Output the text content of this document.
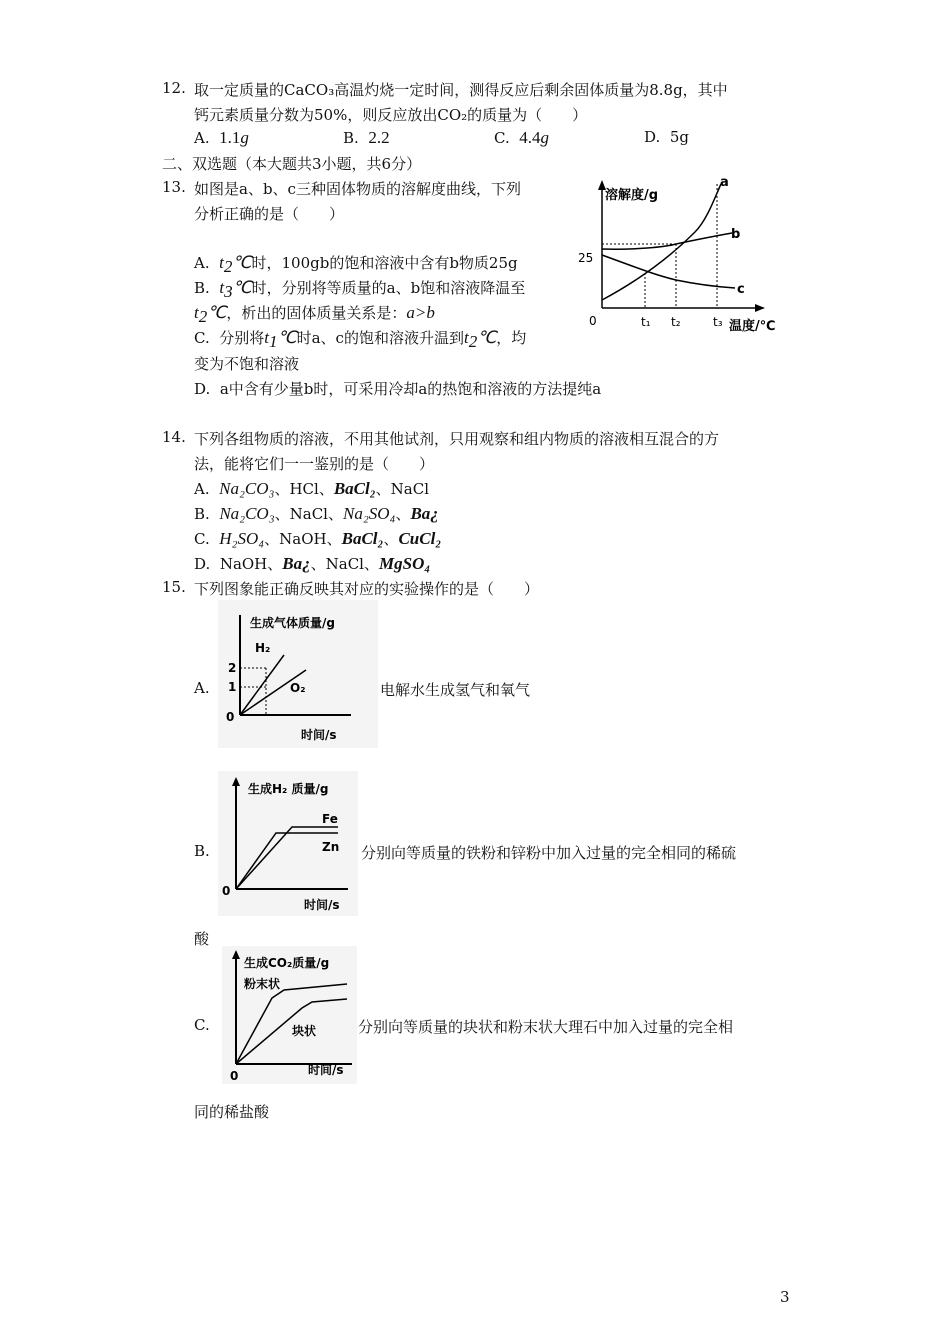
12. 取一定质量的CaCO₃高温灼烧一定时间，测得反应后剩余固体质量为8.8g，其中
钙元素质量分数为50%，则反应放出CO₂的质量为（　　）
A. 1.1g	B. 2.2	C. 4.4g	D. 5g
二、双选题（本大题共3小题，共6分）
13. 如图是a、b、c三种固体物质的溶解度曲线，下列
分析正确的是（　　）
A. $t_2℃$时，100gb的饱和溶液中含有b物质25g
B. $t_3℃$时，分别将等质量的a、b饱和溶液降温至
$t_2℃$，析出的固体质量关系是：a>b
C. 分别将$t_1℃$时a、c的饱和溶液升温到$t_2℃$，均
变为不饱和溶液
D. a中含有少量b时，可采用冷却a的热饱和溶液的方法提纯a
溶解度/g
25
0	t₁ t₂	t₃ 温度/℃
a
b
c
14. 下列各组物质的溶液，不用其他试剂，只用观察和组内物质的溶液相互混合的方
法，能将它们一一鉴别的是（　　）
A. Na₂CO₃、HCl、BaCl₂、NaCl
B. Na₂CO₃、NaCl、Na₂SO₄、Ba¿
C. H₂SO₄、NaOH、BaCl₂、CuCl₂
D. NaOH、Ba¿、NaCl、MgSO₄
15. 下列图象能正确反映其对应的实验操作的是（　　）
A.
生成气体质量/g
2
1
0
H₂
O₂
时间/s
电解水生成氢气和氧气
B.
生成H₂ 质量/g
Fe
Zn
0
时间/s
分别向等质量的铁粉和锌粉中加入过量的完全相同的稀硫
酸
C.
生成CO₂质量/g
粉末状
块状
0	时间/s
分别向等质量的块状和粉末状大理石中加入过量的完全相
同的稀盐酸
3
